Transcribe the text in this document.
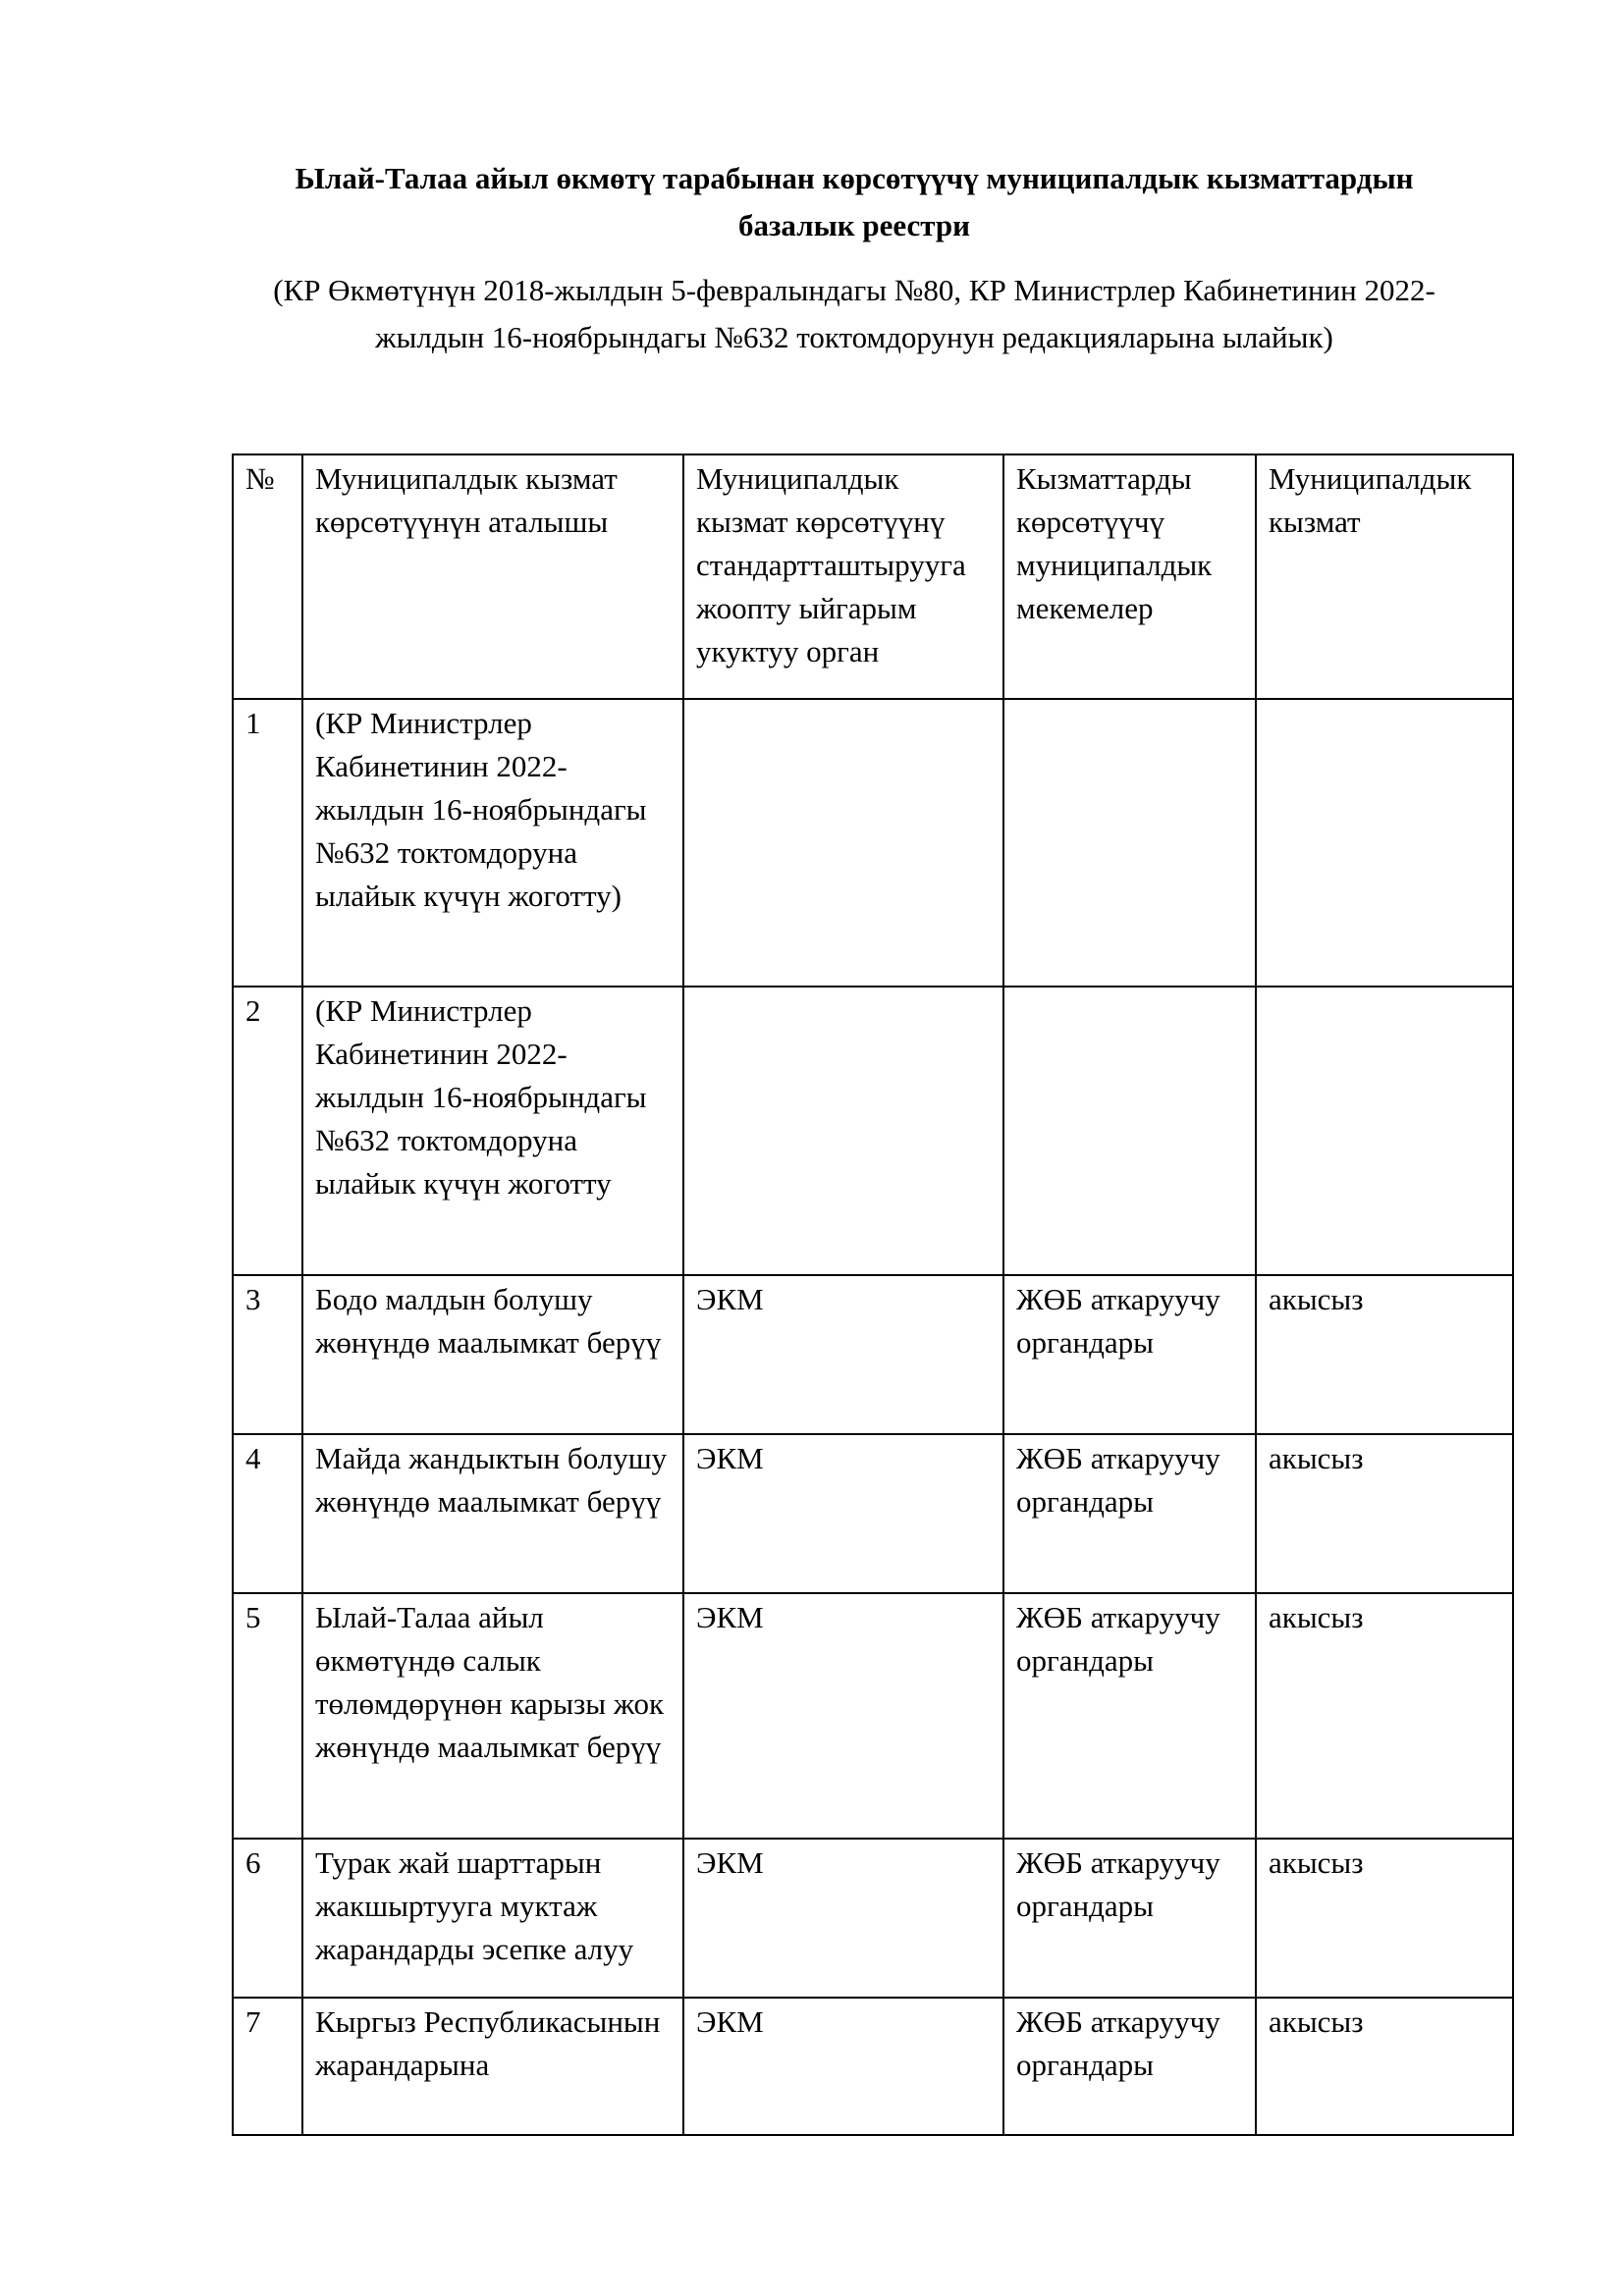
Ылай-Талаа айыл өкмөтү тарабынан көрсөтүүчү муниципалдык кызматтардын
базалык реестри
(КР Өкмөтүнүн 2018-жылдын 5-февралындагы №80, КР Министрлер Кабинетинин 2022-
жылдын 16-ноябрындагы №632 токтомдорунун редакцияларына ылайык)
№	Муниципалдык кызмат көрсөтүүнүн аталышы	Муниципалдык кызмат көрсөтүүнү стандартташтырууга жоопту ыйгарым укуктуу орган	Кызматтарды көрсөтүүчү муниципалдык мекемелер	Муниципалдык кызмат

1	(КР Министрлер Кабинетинин 2022-жылдын 16-ноябрындагы №632 токтомдоруна ылайык күчүн жоготту)			

2	(КР Министрлер Кабинетинин 2022-жылдын 16-ноябрындагы №632 токтомдоруна ылайык күчүн жоготту			

3	Бодо малдын болушу жөнүндө маалымкат берүү	ЭКМ	ЖӨБ аткаруучу органдары	акысыз

4	Майда жандыктын болушу жөнүндө маалымкат берүү	ЭКМ	ЖӨБ аткаруучу органдары	акысыз

5	Ылай-Талаа айыл өкмөтүндө салык төлөмдөрүнөн карызы жок жөнүндө маалымкат берүү	ЭКМ	ЖӨБ аткаруучу органдары	акысыз

6	Турак жай шарттарын жакшыртууга муктаж жарандарды эсепке алуу	ЭКМ	ЖӨБ аткаруучу органдары	акысыз

7	Кыргыз Республикасынын жарандарына	ЭКМ	ЖӨБ аткаруучу органдары	акысыз
